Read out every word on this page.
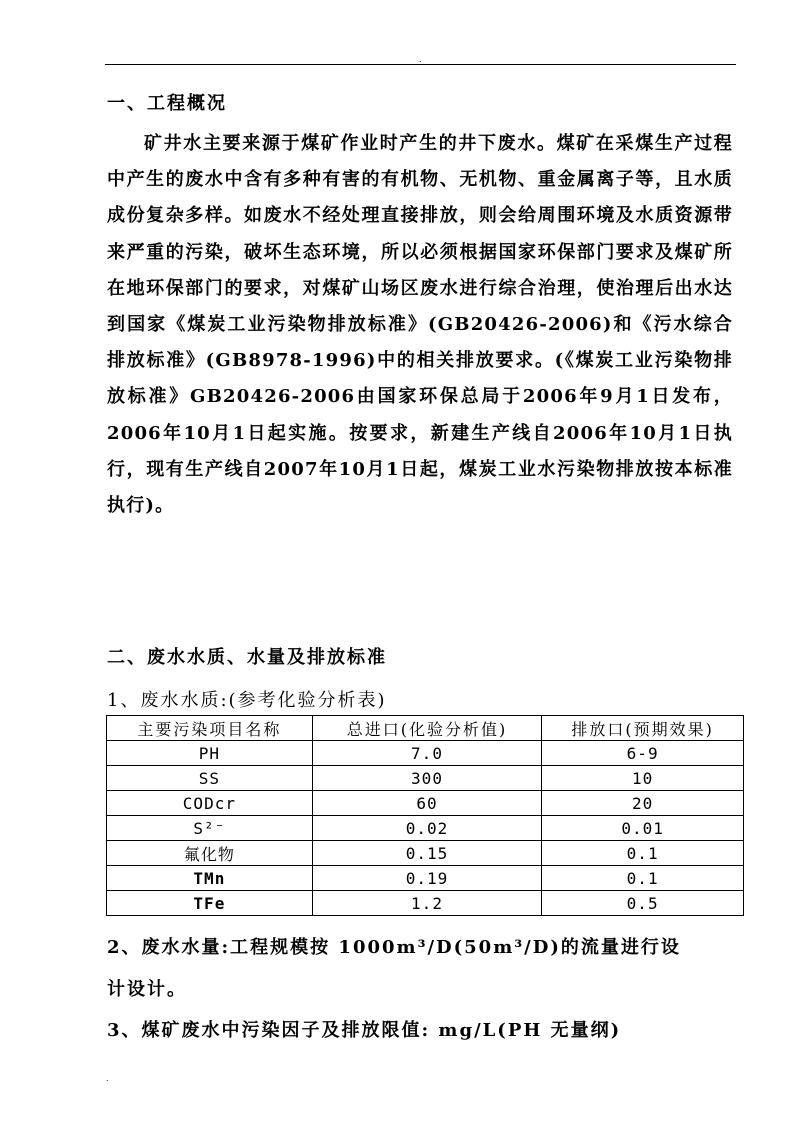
.
一、工程概况
矿井水主要来源于煤矿作业时产生的井下废水。煤矿在采煤生产过程中产生的废水中含有多种有害的有机物、无机物、重金属离子等，且水质成份复杂多样。如废水不经处理直接排放，则会给周围环境及水质资源带来严重的污染，破坏生态环境，所以必须根据国家环保部门要求及煤矿所在地环保部门的要求，对煤矿山场区废水进行综合治理，使治理后出水达到国家《煤炭工业污染物排放标准》(GB20426-2006)和《污水综合排放标准》(GB8978-1996)中的相关排放要求。(《煤炭工业污染物排放标准》GB20426-2006由国家环保总局于2006年9月1日发布，2006年10月1日起实施。按要求，新建生产线自2006年10月1日执行，现有生产线自2007年10月1日起，煤炭工业水污染物排放按本标准执行)。
二、废水水质、水量及排放标准
1、废水水质:(参考化验分析表)
主要污染项目名称	总进口(化验分析值)	排放口(预期效果)
PH	7.0	6-9
SS	300	10
CODcr	60	20
S²⁻	0.02	0.01
氟化物	0.15	0.1
TMn	0.19	0.1
TFe	1.2	0.5
2、废水水量:工程规模按 1000m³/D(50m³/D)的流量进行设
计设计。
3、煤矿废水中污染因子及排放限值: mg/L(PH 无量纲)
.
